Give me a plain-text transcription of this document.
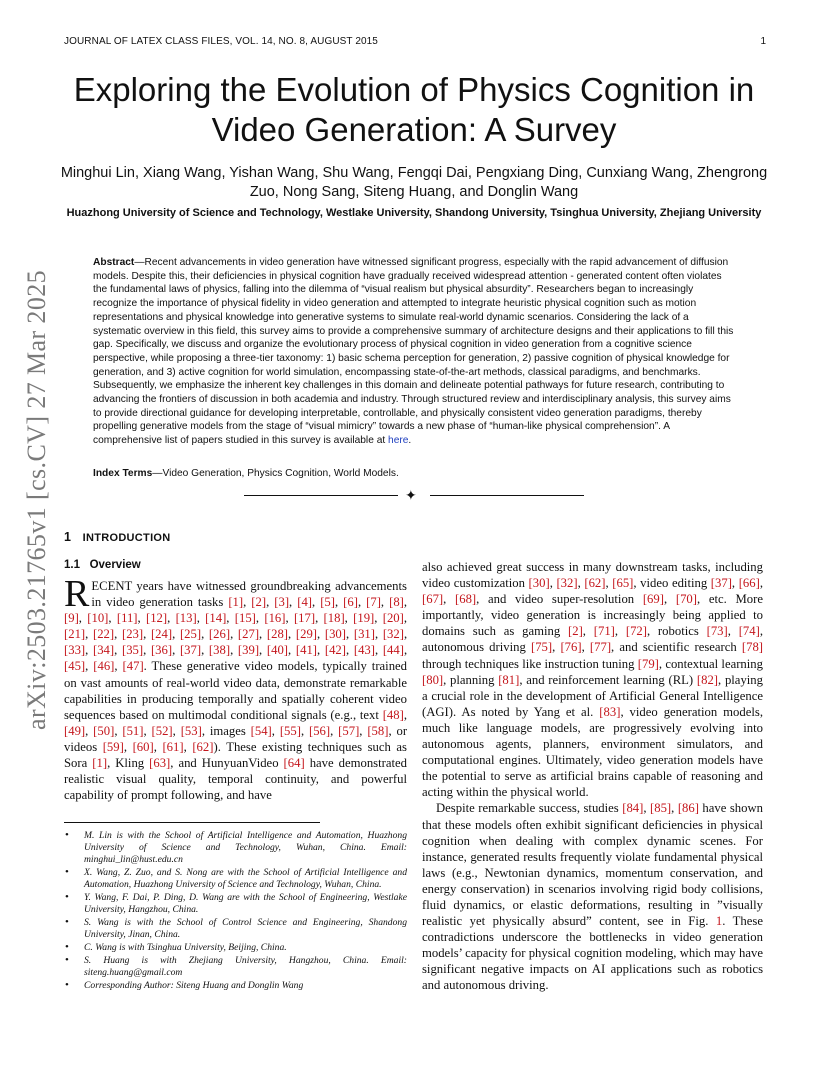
JOURNAL OF LATEX CLASS FILES, VOL. 14, NO. 8, AUGUST 2015	1
arXiv:2503.21765v1 [cs.CV] 27 Mar 2025
Exploring the Evolution of Physics Cognition in Video Generation: A Survey
Minghui Lin, Xiang Wang, Yishan Wang, Shu Wang, Fengqi Dai, Pengxiang Ding, Cunxiang Wang, Zhengrong Zuo, Nong Sang, Siteng Huang, and Donglin Wang
Huazhong University of Science and Technology, Westlake University, Shandong University, Tsinghua University, Zhejiang University
Abstract—Recent advancements in video generation have witnessed significant progress, especially with the rapid advancement of diffusion models. Despite this, their deficiencies in physical cognition have gradually received widespread attention - generated content often violates the fundamental laws of physics, falling into the dilemma of “visual realism but physical absurdity”. Researchers began to increasingly recognize the importance of physical fidelity in video generation and attempted to integrate heuristic physical cognition such as motion representations and physical knowledge into generative systems to simulate real-world dynamic scenarios. Considering the lack of a systematic overview in this field, this survey aims to provide a comprehensive summary of architecture designs and their applications to fill this gap. Specifically, we discuss and organize the evolutionary process of physical cognition in video generation from a cognitive science perspective, while proposing a three-tier taxonomy: 1) basic schema perception for generation, 2) passive cognition of physical knowledge for generation, and 3) active cognition for world simulation, encompassing state-of-the-art methods, classical paradigms, and benchmarks. Subsequently, we emphasize the inherent key challenges in this domain and delineate potential pathways for future research, contributing to advancing the frontiers of discussion in both academia and industry. Through structured review and interdisciplinary analysis, this survey aims to provide directional guidance for developing interpretable, controllable, and physically consistent video generation paradigms, thereby propelling generative models from the stage of “visual mimicry” towards a new phase of “human-like physical comprehension”. A comprehensive list of papers studied in this survey is available at here.
Index Terms—Video Generation, Physics Cognition, World Models.
✦
1 INTRODUCTION
1.1 Overview

RECENT years have witnessed groundbreaking advancements in video generation tasks [1], [2], [3], [4], [5], [6], [7], [8], [9], [10], [11], [12], [13], [14], [15], [16], [17], [18], [19], [20], [21], [22], [23], [24], [25], [26], [27], [28], [29], [30], [31], [32], [33], [34], [35], [36], [37], [38], [39], [40], [41], [42], [43], [44], [45], [46], [47]. These generative video models, typically trained on vast amounts of real-world video data, demonstrate remarkable capabilities in producing temporally and spatially coherent video sequences based on multimodal conditional signals (e.g., text [48], [49], [50], [51], [52], [53], images [54], [55], [56], [57], [58], or videos [59], [60], [61], [62]). These existing techniques such as Sora [1], Kling [63], and HunyuanVideo [64] have demonstrated realistic visual quality, temporal continuity, and powerful capability of prompt following, and have

• M. Lin is with the School of Artificial Intelligence and Automation, Huazhong University of Science and Technology, Wuhan, China. Email: minghui_lin@hust.edu.cn
• X. Wang, Z. Zuo, and S. Nong are with the School of Artificial Intelligence and Automation, Huazhong University of Science and Technology, Wuhan, China.
• Y. Wang, F. Dai, P. Ding, D. Wang are with the School of Engineering, Westlake University, Hangzhou, China.
• S. Wang is with the School of Control Science and Engineering, Shandong University, Jinan, China.
• C. Wang is with Tsinghua University, Beijing, China.
• S. Huang is with Zhejiang University, Hangzhou, China. Email: siteng.huang@gmail.com
• Corresponding Author: Siteng Huang and Donglin Wang

also achieved great success in many downstream tasks, including video customization [30], [32], [62], [65], video editing [37], [66], [67], [68], and video super-resolution [69], [70], etc. More importantly, video generation is increasingly being applied to domains such as gaming [2], [71], [72], robotics [73], [74], autonomous driving [75], [76], [77], and scientific research [78] through techniques like instruction tuning [79], contextual learning [80], planning [81], and reinforcement learning (RL) [82], playing a crucial role in the development of Artificial General Intelligence (AGI). As noted by Yang et al. [83], video generation models, much like language models, are progressively evolving into autonomous agents, planners, environment simulators, and computational engines. Ultimately, video generation models have the potential to serve as artificial brains capable of reasoning and acting within the physical world.

Despite remarkable success, studies [84], [85], [86] have shown that these models often exhibit significant deficiencies in physical cognition when dealing with complex dynamic scenes. For instance, generated results frequently violate fundamental physical laws (e.g., Newtonian dynamics, momentum conservation, and energy conservation) in scenarios involving rigid body collisions, fluid dynamics, or elastic deformations, resulting in ”visually realistic yet physically absurd” content, see in Fig. 1. These contradictions underscore the bottlenecks in video generation models’ capacity for physical cognition modeling, which may have significant negative impacts on AI applications such as robotics and autonomous driving.
